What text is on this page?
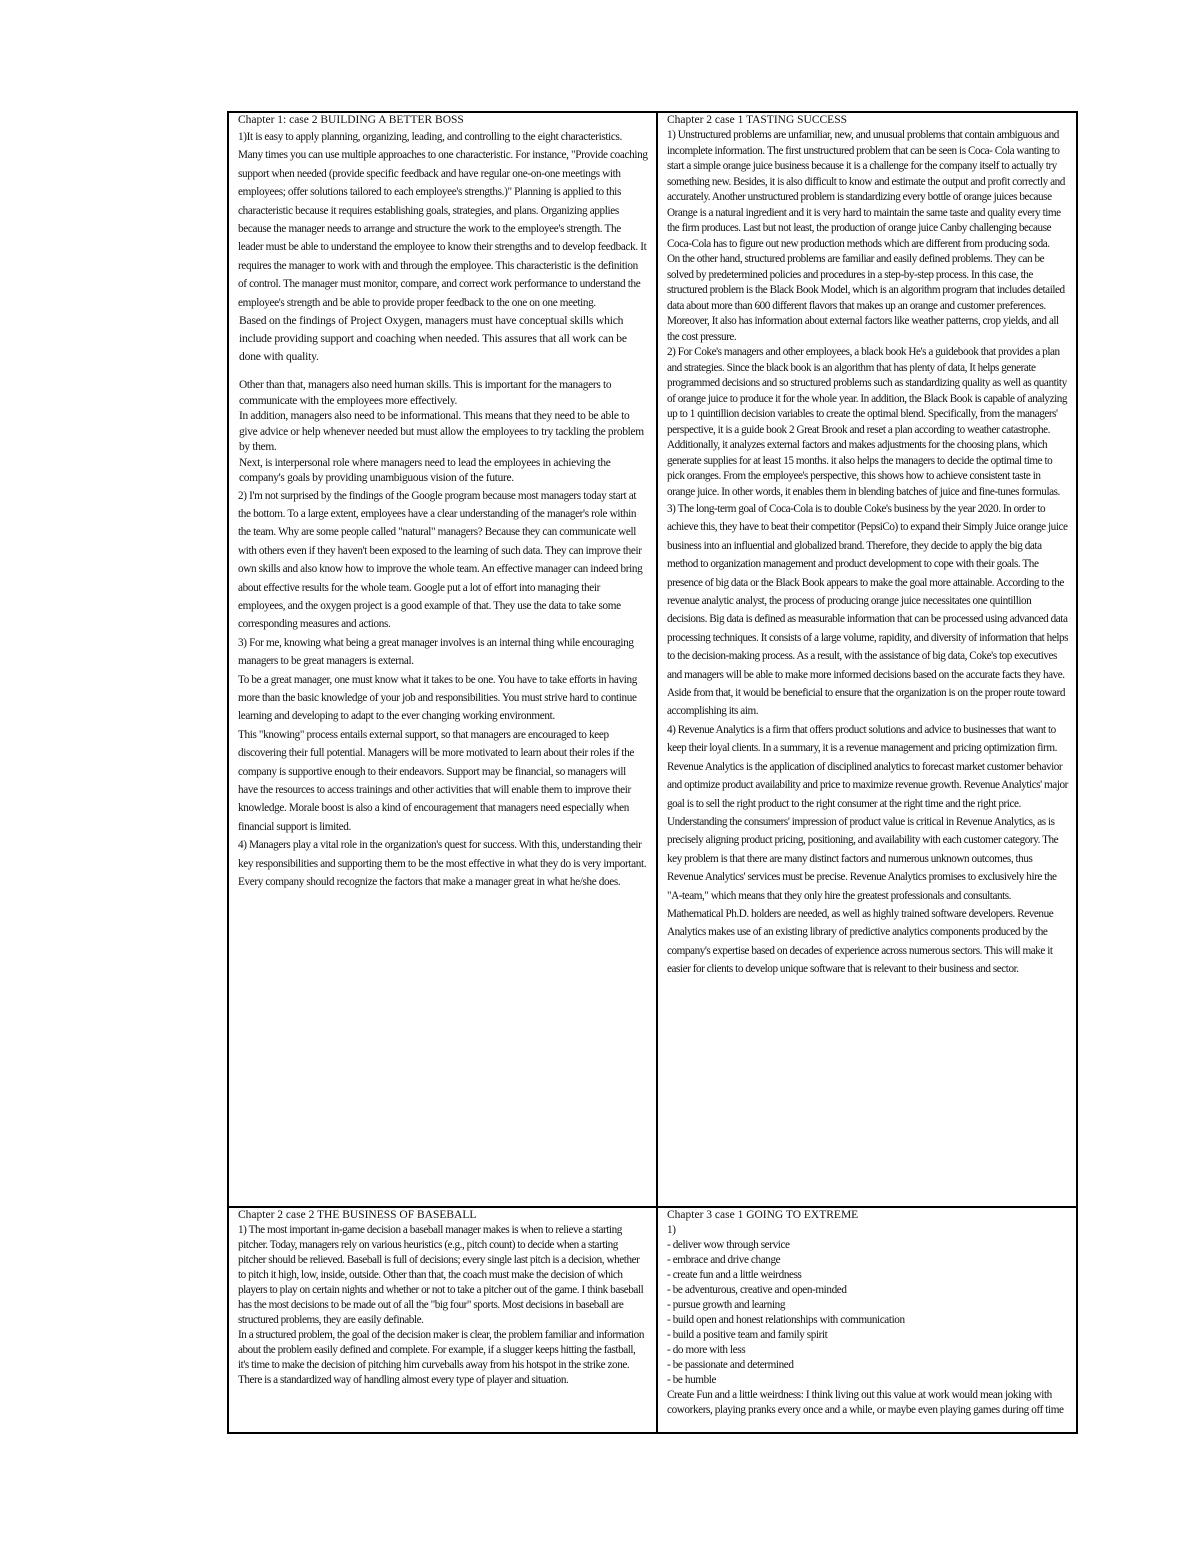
Chapter 1: case 2 BUILDING A BETTER BOSS

1)It is easy to apply planning, organizing, leading, and controlling to the eight characteristics. Many times you can use multiple approaches to one characteristic. For instance, "Provide coaching support when needed (provide specific feedback and have regular one-on-one meetings with employees; offer solutions tailored to each employee's strengths.)" Planning is applied to this characteristic because it requires establishing goals, strategies, and plans. Organizing applies because the manager needs to arrange and structure the work to the employee's strength. The leader must be able to understand the employee to know their strengths and to develop feedback. It requires the manager to work with and through the employee. This characteristic is the definition of control. The manager must monitor, compare, and correct work performance to understand the employee's strength and be able to provide proper feedback to the one on one meeting.

Based on the findings of Project Oxygen, managers must have conceptual skills which include providing support and coaching when needed. This assures that all work can be done with quality.

Other than that, managers also need human skills. This is important for the managers to communicate with the employees more effectively.

In addition, managers also need to be informational. This means that they need to be able to give advice or help whenever needed but must allow the employees to try tackling the problem by them.

Next, is interpersonal role where managers need to lead the employees in achieving the company's goals by providing unambiguous vision of the future.

2) I'm not surprised by the findings of the Google program because most managers today start at the bottom. To a large extent, employees have a clear understanding of the manager's role within the team. Why are some people called "natural" managers? Because they can communicate well with others even if they haven't been exposed to the learning of such data. They can improve their own skills and also know how to improve the whole team. An effective manager can indeed bring about effective results for the whole team. Google put a lot of effort into managing their employees, and the oxygen project is a good example of that. They use the data to take some corresponding measures and actions.

3) For me, knowing what being a great manager involves is an internal thing while encouraging managers to be great managers is external.

To be a great manager, one must know what it takes to be one. You have to take efforts in having more than the basic knowledge of your job and responsibilities. You must strive hard to continue learning and developing to adapt to the ever changing working environment.

This "knowing" process entails external support, so that managers are encouraged to keep discovering their full potential. Managers will be more motivated to learn about their roles if the company is supportive enough to their endeavors. Support may be financial, so managers will have the resources to access trainings and other activities that will enable them to improve their knowledge. Morale boost is also a kind of encouragement that managers need especially when financial support is limited.

4) Managers play a vital role in the organization's quest for success. With this, understanding their key responsibilities and supporting them to be the most effective in what they do is very important. Every company should recognize the factors that make a manager great in what he/she does.

Chapter 2 case 1 TASTING SUCCESS

1) Unstructured problems are unfamiliar, new, and unusual problems that contain ambiguous and incomplete information. The first unstructured problem that can be seen is Coca- Cola wanting to start a simple orange juice business because it is a challenge for the company itself to actually try something new. Besides, it is also difficult to know and estimate the output and profit correctly and accurately. Another unstructured problem is standardizing every bottle of orange juices because Orange is a natural ingredient and it is very hard to maintain the same taste and quality every time the firm produces. Last but not least, the production of orange juice Canby challenging because Coca-Cola has to figure out new production methods which are different from producing soda.

On the other hand, structured problems are familiar and easily defined problems. They can be solved by predetermined policies and procedures in a step-by-step process. In this case, the structured problem is the Black Book Model, which is an algorithm program that includes detailed data about more than 600 different flavors that makes up an orange and customer preferences. Moreover, It also has information about external factors like weather patterns, crop yields, and all the cost pressure.

2) For Coke's managers and other employees, a black book He's a guidebook that provides a plan and strategies. Since the black book is an algorithm that has plenty of data, It helps generate programmed decisions and so structured problems such as standardizing quality as well as quantity of orange juice to produce it for the whole year. In addition, the Black Book is capable of analyzing up to 1 quintillion decision variables to create the optimal blend. Specifically, from the managers' perspective, it is a guide book 2 Great Brook and reset a plan according to weather catastrophe. Additionally, it analyzes external factors and makes adjustments for the choosing plans, which generate supplies for at least 15 months. it also helps the managers to decide the optimal time to pick oranges. From the employee's perspective, this shows how to achieve consistent taste in orange juice. In other words, it enables them in blending batches of juice and fine-tunes formulas.

3) The long-term goal of Coca-Cola is to double Coke's business by the year 2020. In order to achieve this, they have to beat their competitor (PepsiCo) to expand their Simply Juice orange juice business into an influential and globalized brand. Therefore, they decide to apply the big data method to organization management and product development to cope with their goals. The presence of big data or the Black Book appears to make the goal more attainable. According to the revenue analytic analyst, the process of producing orange juice necessitates one quintillion decisions. Big data is defined as measurable information that can be processed using advanced data processing techniques. It consists of a large volume, rapidity, and diversity of information that helps to the decision-making process. As a result, with the assistance of big data, Coke's top executives and managers will be able to make more informed decisions based on the accurate facts they have. Aside from that, it would be beneficial to ensure that the organization is on the proper route toward accomplishing its aim.

4) Revenue Analytics is a firm that offers product solutions and advice to businesses that want to keep their loyal clients. In a summary, it is a revenue management and pricing optimization firm. Revenue Analytics is the application of disciplined analytics to forecast market customer behavior and optimize product availability and price to maximize revenue growth. Revenue Analytics' major goal is to sell the right product to the right consumer at the right time and the right price. Understanding the consumers' impression of product value is critical in Revenue Analytics, as is precisely aligning product pricing, positioning, and availability with each customer category. The key problem is that there are many distinct factors and numerous unknown outcomes, thus Revenue Analytics' services must be precise. Revenue Analytics promises to exclusively hire the "A-team," which means that they only hire the greatest professionals and consultants. Mathematical Ph.D. holders are needed, as well as highly trained software developers. Revenue Analytics makes use of an existing library of predictive analytics components produced by the company's expertise based on decades of experience across numerous sectors. This will make it easier for clients to develop unique software that is relevant to their business and sector.

Chapter 2 case 2 THE BUSINESS OF BASEBALL

1) The most important in-game decision a baseball manager makes is when to relieve a starting pitcher. Today, managers rely on various heuristics (e.g., pitch count) to decide when a starting pitcher should be relieved. Baseball is full of decisions; every single last pitch is a decision, whether to pitch it high, low, inside, outside. Other than that, the coach must make the decision of which players to play on certain nights and whether or not to take a pitcher out of the game. I think baseball has the most decisions to be made out of all the "big four" sports. Most decisions in baseball are structured problems, they are easily definable.

In a structured problem, the goal of the decision maker is clear, the problem familiar and information about the problem easily defined and complete. For example, if a slugger keeps hitting the fastball, it's time to make the decision of pitching him curveballs away from his hotspot in the strike zone. There is a standardized way of handling almost every type of player and situation.

Chapter 3 case 1 GOING TO EXTREME
1)
- deliver wow through service
- embrace and drive change
- create fun and a little weirdness
- be adventurous, creative and open-minded
- pursue growth and learning
- build open and honest relationships with communication
- build a positive team and family spirit
- do more with less
- be passionate and determined
- be humble

Create Fun and a little weirdness: I think living out this value at work would mean joking with coworkers, playing pranks every once and a while, or maybe even playing games during off time
